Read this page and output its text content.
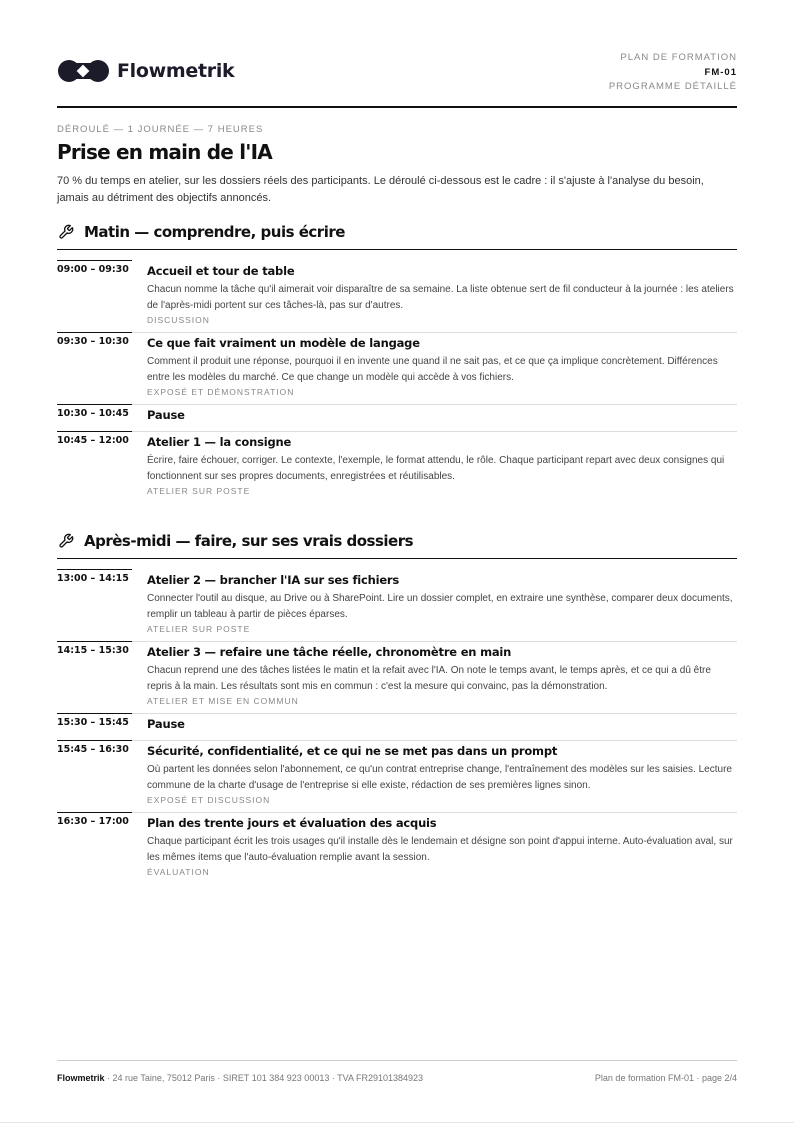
Flowmetrik
PLAN DE FORMATION
FM-01
PROGRAMME DÉTAILLÉ
DÉROULÉ — 1 JOURNÉE — 7 HEURES
Prise en main de l'IA

70 % du temps en atelier, sur les dossiers réels des participants. Le déroulé ci-dessous est le cadre : il s'ajuste à l'analyse du besoin, jamais au détriment des objectifs annoncés.

Matin — comprendre, puis écrire
09:00 – 09:30 Accueil et tour de table
Chacun nomme la tâche qu'il aimerait voir disparaître de sa semaine. La liste obtenue sert de fil conducteur à la journée : les ateliers de l'après-midi portent sur ces tâches-là, pas sur d'autres.
DISCUSSION
09:30 – 10:30 Ce que fait vraiment un modèle de langage
Comment il produit une réponse, pourquoi il en invente une quand il ne sait pas, et ce que ça implique concrètement. Différences entre les modèles du marché. Ce que change un modèle qui accède à vos fichiers.
EXPOSÉ ET DÉMONSTRATION
10:30 – 10:45 Pause
10:45 – 12:00 Atelier 1 — la consigne
Écrire, faire échouer, corriger. Le contexte, l'exemple, le format attendu, le rôle. Chaque participant repart avec deux consignes qui fonctionnent sur ses propres documents, enregistrées et réutilisables.
ATELIER SUR POSTE
Après-midi — faire, sur ses vrais dossiers
13:00 – 14:15 Atelier 2 — brancher l'IA sur ses fichiers
Connecter l'outil au disque, au Drive ou à SharePoint. Lire un dossier complet, en extraire une synthèse, comparer deux documents, remplir un tableau à partir de pièces éparses.
ATELIER SUR POSTE
14:15 – 15:30 Atelier 3 — refaire une tâche réelle, chronomètre en main
Chacun reprend une des tâches listées le matin et la refait avec l'IA. On note le temps avant, le temps après, et ce qui a dû être repris à la main. Les résultats sont mis en commun : c'est la mesure qui convainc, pas la démonstration.
ATELIER ET MISE EN COMMUN
15:30 – 15:45 Pause
15:45 – 16:30 Sécurité, confidentialité, et ce qui ne se met pas dans un prompt
Où partent les données selon l'abonnement, ce qu'un contrat entreprise change, l'entraînement des modèles sur les saisies. Lecture commune de la charte d'usage de l'entreprise si elle existe, rédaction de ses premières lignes sinon.
EXPOSÉ ET DISCUSSION
16:30 – 17:00 Plan des trente jours et évaluation des acquis
Chaque participant écrit les trois usages qu'il installe dès le lendemain et désigne son point d'appui interne. Auto-évaluation aval, sur les mêmes items que l'auto-évaluation remplie avant la session.
ÉVALUATION
Flowmetrik · 24 rue Taine, 75012 Paris · SIRET 101 384 923 00013 · TVA FR29101384923	Plan de formation FM-01 · page 2/4
